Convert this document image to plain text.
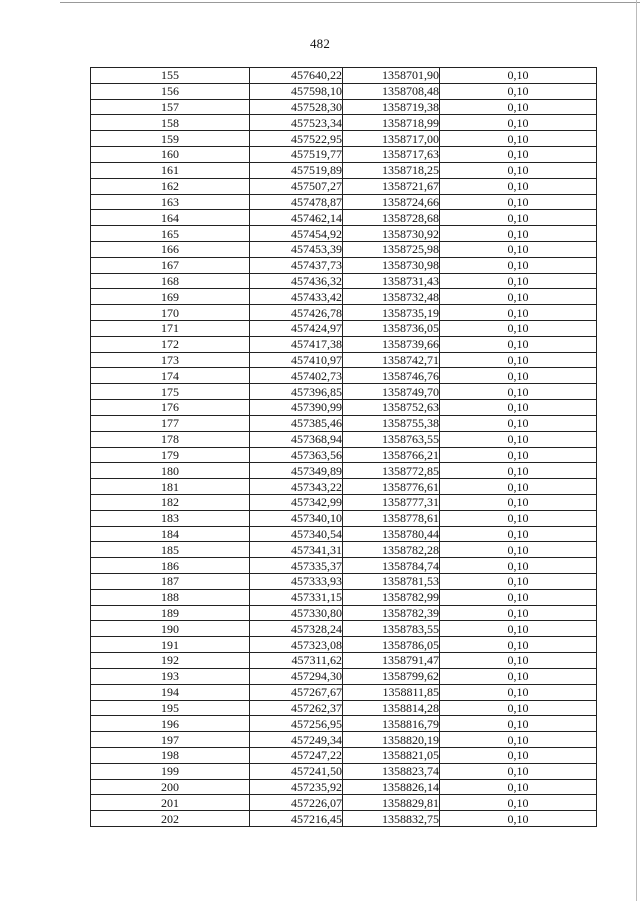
482
155	457640,22	1358701,90	0,10
156	457598,10	1358708,48	0,10
157	457528,30	1358719,38	0,10
158	457523,34	1358718,99	0,10
159	457522,95	1358717,00	0,10
160	457519,77	1358717,63	0,10
161	457519,89	1358718,25	0,10
162	457507,27	1358721,67	0,10
163	457478,87	1358724,66	0,10
164	457462,14	1358728,68	0,10
165	457454,92	1358730,92	0,10
166	457453,39	1358725,98	0,10
167	457437,73	1358730,98	0,10
168	457436,32	1358731,43	0,10
169	457433,42	1358732,48	0,10
170	457426,78	1358735,19	0,10
171	457424,97	1358736,05	0,10
172	457417,38	1358739,66	0,10
173	457410,97	1358742,71	0,10
174	457402,73	1358746,76	0,10
175	457396,85	1358749,70	0,10
176	457390,99	1358752,63	0,10
177	457385,46	1358755,38	0,10
178	457368,94	1358763,55	0,10
179	457363,56	1358766,21	0,10
180	457349,89	1358772,85	0,10
181	457343,22	1358776,61	0,10
182	457342,99	1358777,31	0,10
183	457340,10	1358778,61	0,10
184	457340,54	1358780,44	0,10
185	457341,31	1358782,28	0,10
186	457335,37	1358784,74	0,10
187	457333,93	1358781,53	0,10
188	457331,15	1358782,99	0,10
189	457330,80	1358782,39	0,10
190	457328,24	1358783,55	0,10
191	457323,08	1358786,05	0,10
192	457311,62	1358791,47	0,10
193	457294,30	1358799,62	0,10
194	457267,67	1358811,85	0,10
195	457262,37	1358814,28	0,10
196	457256,95	1358816,79	0,10
197	457249,34	1358820,19	0,10
198	457247,22	1358821,05	0,10
199	457241,50	1358823,74	0,10
200	457235,92	1358826,14	0,10
201	457226,07	1358829,81	0,10
202	457216,45	1358832,75	0,10
